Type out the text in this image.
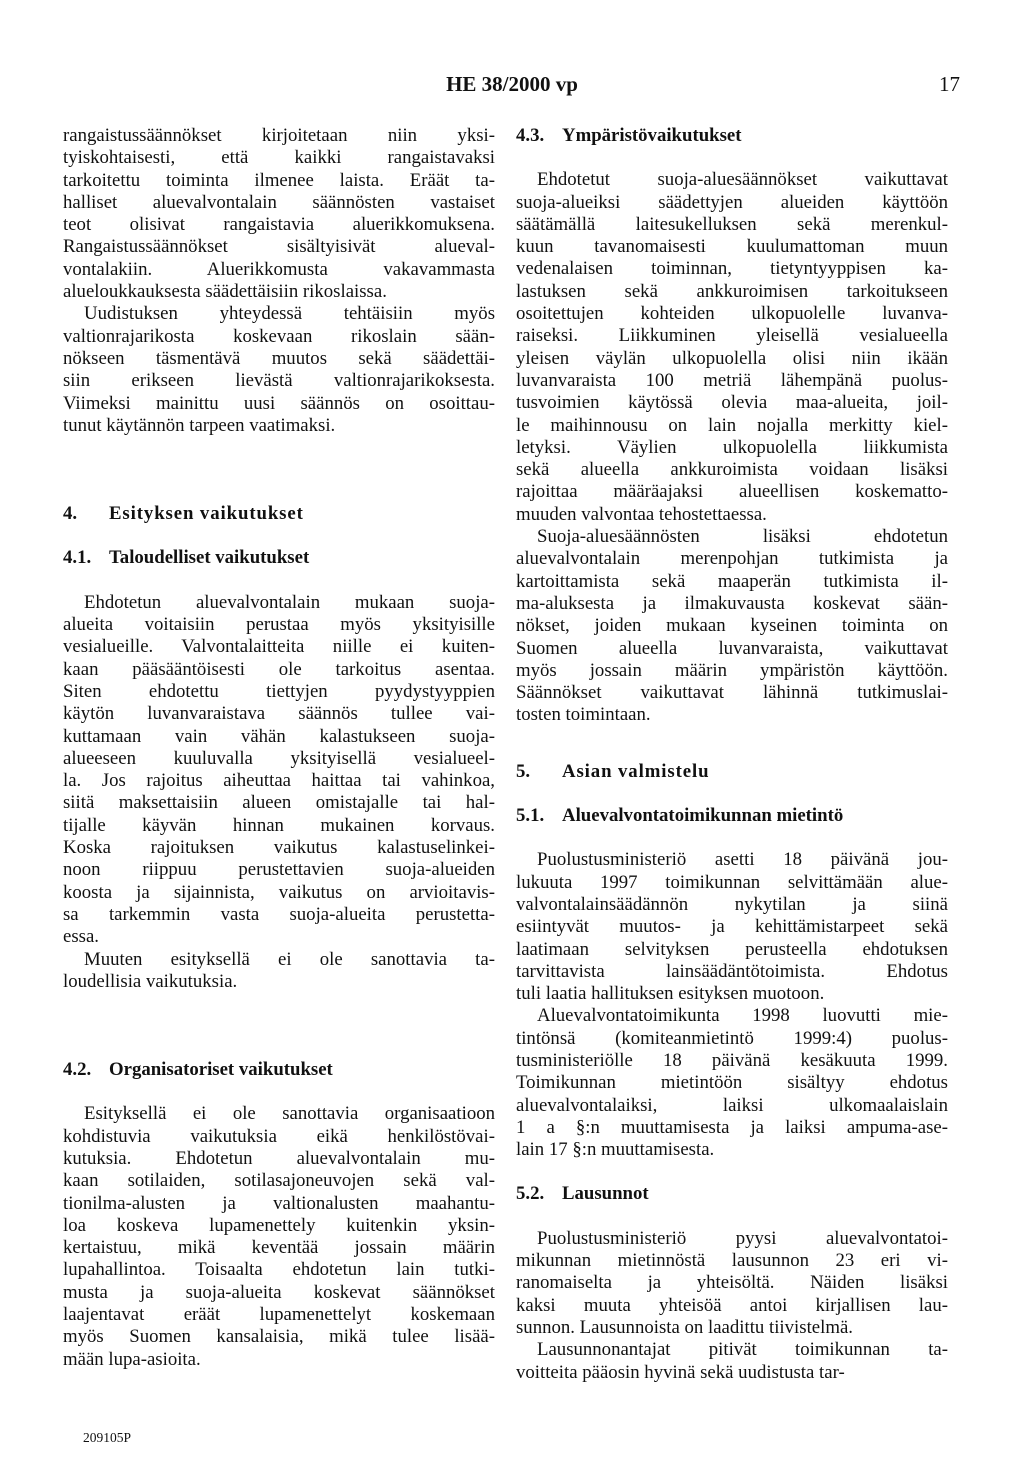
HE 38/2000 vp	17
rangaistussäännökset kirjoitetaan niin yksi-
tyiskohtaisesti, että kaikki rangaistavaksi
tarkoitettu toiminta ilmenee laista. Eräät ta-
halliset aluevalvontalain säännösten vastaiset
teot olisivat rangaistavia aluerikkomuksena.
Rangaistussäännökset sisältyisivät alueval-
vontalakiin. Aluerikkomusta vakavammasta
alueloukkauksesta säädettäisiin rikoslaissa.
Uudistuksen yhteydessä tehtäisiin myös
valtionrajarikosta koskevaan rikoslain sään-
nökseen täsmentävä muutos sekä säädettäi-
siin erikseen lievästä valtionrajarikoksesta.
Viimeksi mainittu uusi säännös on osoittau-
tunut käytännön tarpeen vaatimaksi.
4. Esityksen vaikutukset
4.1. Taloudelliset vaikutukset
Ehdotetun aluevalvontalain mukaan suoja-
alueita voitaisiin perustaa myös yksityisille
vesialueille. Valvontalaitteita niille ei kuiten-
kaan pääsääntöisesti ole tarkoitus asentaa.
Siten ehdotettu tiettyjen pyydystyyppien
käytön luvanvaraistava säännös tullee vai-
kuttamaan vain vähän kalastukseen suoja-
alueeseen kuuluvalla yksityisellä vesialueel-
la. Jos rajoitus aiheuttaa haittaa tai vahinkoa,
siitä maksettaisiin alueen omistajalle tai hal-
tijalle käyvän hinnan mukainen korvaus.
Koska rajoituksen vaikutus kalastuselinkei-
noon riippuu perustettavien suoja-alueiden
koosta ja sijainnista, vaikutus on arvioitavis-
sa tarkemmin vasta suoja-alueita perustetta-
essa.
Muuten esityksellä ei ole sanottavia ta-
loudellisia vaikutuksia.
4.2. Organisatoriset vaikutukset
Esityksellä ei ole sanottavia organisaatioon
kohdistuvia vaikutuksia eikä henkilöstövai-
kutuksia. Ehdotetun aluevalvontalain mu-
kaan sotilaiden, sotilasajoneuvojen sekä val-
tionilma-alusten ja valtionalusten maahantu-
loa koskeva lupamenettely kuitenkin yksin-
kertaistuu, mikä keventää jossain määrin
lupahallintoa. Toisaalta ehdotetun lain tutki-
musta ja suoja-alueita koskevat säännökset
laajentavat eräät lupamenettelyt koskemaan
myös Suomen kansalaisia, mikä tulee lisää-
mään lupa-asioita.
4.3. Ympäristövaikutukset
Ehdotetut suoja-aluesäännökset vaikuttavat
suoja-alueiksi säädettyjen alueiden käyttöön
säätämällä laitesukelluksen sekä merenkul-
kuun tavanomaisesti kuulumattoman muun
vedenalaisen toiminnan, tietyntyyppisen ka-
lastuksen sekä ankkuroimisen tarkoitukseen
osoitettujen kohteiden ulkopuolelle luvanva-
raiseksi. Liikkuminen yleisellä vesialueella
yleisen väylän ulkopuolella olisi niin ikään
luvanvaraista 100 metriä lähempänä puolus-
tusvoimien käytössä olevia maa-alueita, joil-
le maihinnousu on lain nojalla merkitty kiel-
letyksi. Väylien ulkopuolella liikkumista
sekä alueella ankkuroimista voidaan lisäksi
rajoittaa määräajaksi alueellisen koskematto-
muuden valvontaa tehostettaessa.
Suoja-aluesäännösten lisäksi ehdotetun
aluevalvontalain merenpohjan tutkimista ja
kartoittamista sekä maaperän tutkimista il-
ma-aluksesta ja ilmakuvausta koskevat sään-
nökset, joiden mukaan kyseinen toiminta on
Suomen alueella luvanvaraista, vaikuttavat
myös jossain määrin ympäristön käyttöön.
Säännökset vaikuttavat lähinnä tutkimuslai-
tosten toimintaan.
5. Asian valmistelu
5.1. Aluevalvontatoimikunnan mietintö
Puolustusministeriö asetti 18 päivänä jou-
lukuuta 1997 toimikunnan selvittämään alue-
valvontalainsäädännön nykytilan ja siinä
esiintyvät muutos- ja kehittämistarpeet sekä
laatimaan selvityksen perusteella ehdotuksen
tarvittavista lainsäädäntötoimista. Ehdotus
tuli laatia hallituksen esityksen muotoon.
Aluevalvontatoimikunta 1998 luovutti mie-
tintönsä (komiteanmietintö 1999:4) puolus-
tusministeriölle 18 päivänä kesäkuuta 1999.
Toimikunnan mietintöön sisältyy ehdotus
aluevalvontalaiksi, laiksi ulkomaalaislain
1 a §:n muuttamisesta ja laiksi ampuma-ase-
lain 17 §:n muuttamisesta.
5.2. Lausunnot
Puolustusministeriö pyysi aluevalvontatoi-
mikunnan mietinnöstä lausunnon 23 eri vi-
ranomaiselta ja yhteisöltä. Näiden lisäksi
kaksi muuta yhteisöä antoi kirjallisen lau-
sunnon. Lausunnoista on laadittu tiivistelmä.
Lausunnonantajat pitivät toimikunnan ta-
voitteita pääosin hyvinä sekä uudistusta tar-
209105P
